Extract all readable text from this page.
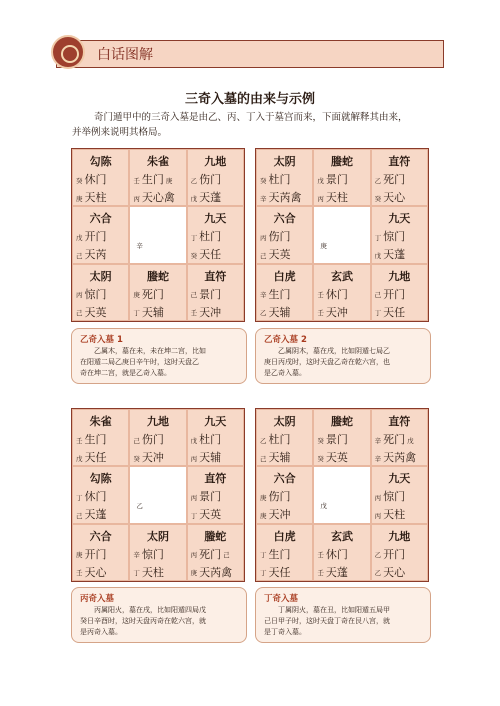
白话图解
三奇入墓的由来与示例
奇门遁甲中的三奇入墓是由乙、丙、丁入于墓宫而来，下面就解释其由来，
并举例来说明其格局。
勾陈
癸 休门
庚 天柱
朱雀
壬 生门 庚
丙 天心禽
九地
乙 伤门
戊 天蓬
六合
戊 开门
己 天芮
辛
九天
丁 杜门
癸 天任
太阴
丙 惊门
己 天英
螣蛇
庚 死门
丁 天辅
直符
己 景门
壬 天冲
太阴
癸 杜门
辛 天芮禽
螣蛇
戊 景门
丙 天柱
直符
乙 死门
癸 天心
六合
丙 伤门
己 天英
庚
九天
丁 惊门
戊 天蓬
白虎
辛 生门
乙 天辅
玄武
壬 休门
壬 天冲
九地
己 开门
丁 天任
朱雀
壬 生门
戊 天任
九地
己 伤门
癸 天冲
九天
戊 杜门
丙 天辅
勾陈
丁 休门
己 天蓬
乙
直符
丙 景门
丁 天英
六合
庚 开门
壬 天心
太阴
辛 惊门
丁 天柱
螣蛇
丙 死门 己
庚 天芮禽
太阴
乙 杜门
己 天辅
螣蛇
癸 景门
癸 天英
直符
辛 死门 戊
辛 天芮禽
六合
庚 伤门
庚 天冲
戊
九天
丙 惊门
丙 天柱
白虎
丁 生门
丁 天任
玄武
壬 休门
壬 天蓬
九地
乙 开门
乙 天心
乙奇入墓 1
乙属木，墓在未，未在坤二宫，比如
在阳遁二局乙庚日辛午时，这时天盘乙
奇在坤二宫，就是乙奇入墓。
乙奇入墓 2
乙属阴木，墓在戌，比如阴遁七局乙
庚日丙戌时，这时天盘乙奇在乾六宫，也
是乙奇入墓。
丙奇入墓
丙属阳火，墓在戌，比如阳遁四局戊
癸日辛酉时，这时天盘丙奇在乾六宫，就
是丙奇入墓。
丁奇入墓
丁属阴火，墓在丑，比如阳遁五局甲
己日甲子时，这时天盘丁奇在艮八宫，就
是丁奇入墓。
